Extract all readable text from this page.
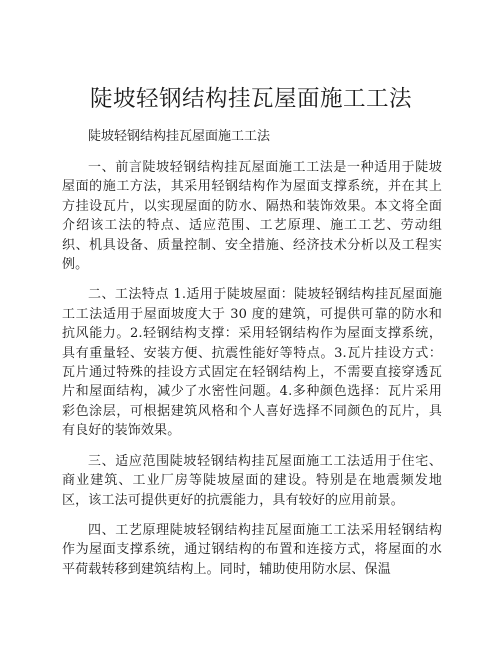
陡坡轻钢结构挂瓦屋面施工工法

陡坡轻钢结构挂瓦屋面施工工法

一、前言陡坡轻钢结构挂瓦屋面施工工法是一种适用于陡坡屋面的施工方法，其采用轻钢结构作为屋面支撑系统，并在其上方挂设瓦片，以实现屋面的防水、隔热和装饰效果。本文将全面介绍该工法的特点、适应范围、工艺原理、施工工艺、劳动组织、机具设备、质量控制、安全措施、经济技术分析以及工程实例。

二、工法特点 1.适用于陡坡屋面：陡坡轻钢结构挂瓦屋面施工工法适用于屋面坡度大于 30 度的建筑，可提供可靠的防水和抗风能力。2.轻钢结构支撑：采用轻钢结构作为屋面支撑系统，具有重量轻、安装方便、抗震性能好等特点。3.瓦片挂设方式：瓦片通过特殊的挂设方式固定在轻钢结构上，不需要直接穿透瓦片和屋面结构，减少了水密性问题。4.多种颜色选择：瓦片采用彩色涂层，可根据建筑风格和个人喜好选择不同颜色的瓦片，具有良好的装饰效果。

三、适应范围陡坡轻钢结构挂瓦屋面施工工法适用于住宅、商业建筑、工业厂房等陡坡屋面的建设。特别是在地震频发地区，该工法可提供更好的抗震能力，具有较好的应用前景。

四、工艺原理陡坡轻钢结构挂瓦屋面施工工法采用轻钢结构作为屋面支撑系统，通过钢结构的布置和连接方式，将屋面的水平荷载转移到建筑结构上。同时，辅助使用防水层、保温
